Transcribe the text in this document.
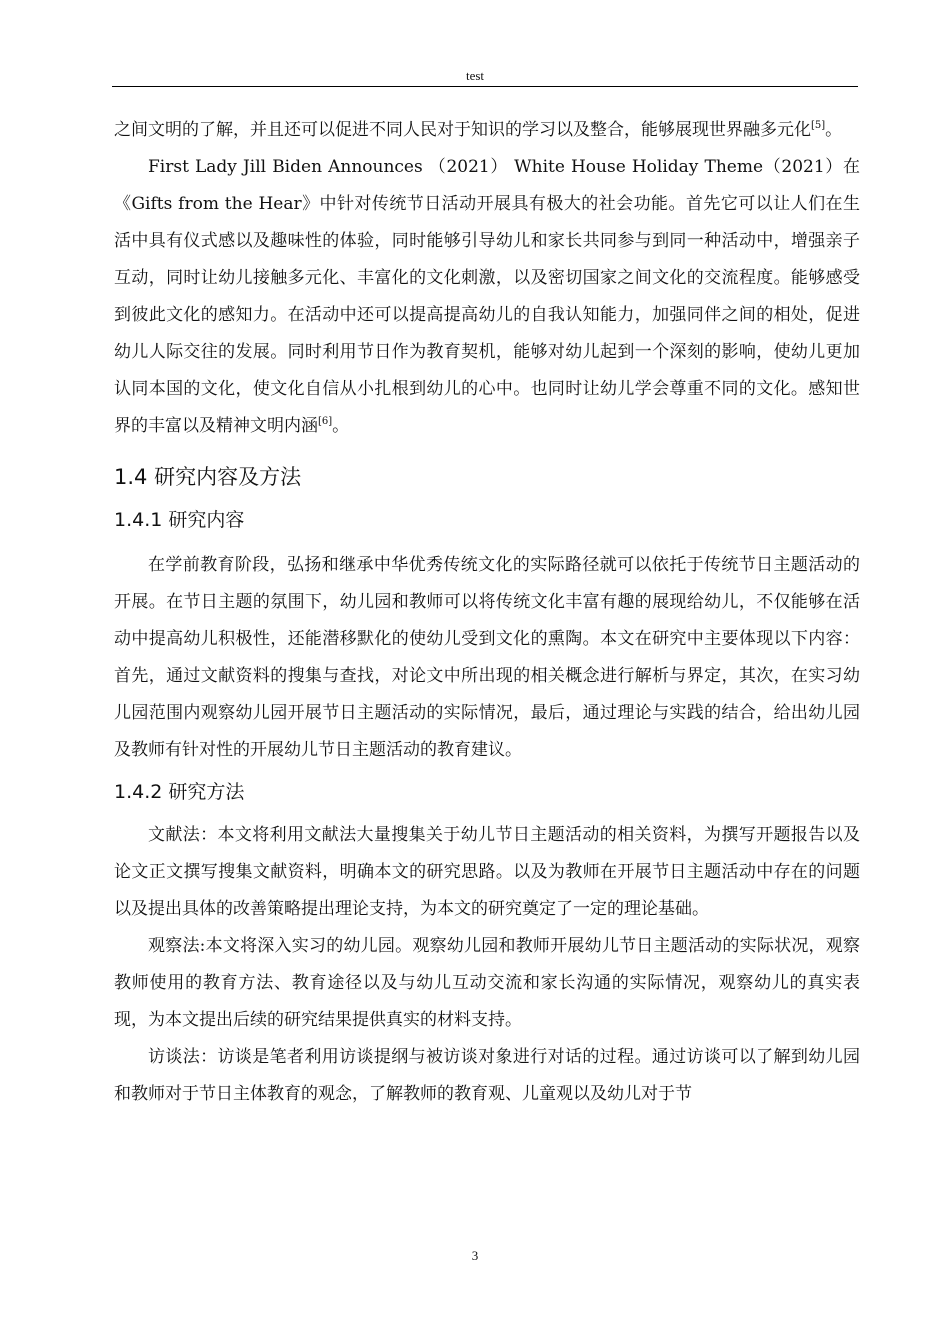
test

之间文明的了解，并且还可以促进不同人民对于知识的学习以及整合，能够展现世界融多元化[5]。

First Lady Jill Biden Announces （2021） White House Holiday Theme（2021）在《Gifts from the Hear》中针对传统节日活动开展具有极大的社会功能。首先它可以让人们在生活中具有仪式感以及趣味性的体验，同时能够引导幼儿和家长共同参与到同一种活动中，增强亲子互动，同时让幼儿接触多元化、丰富化的文化刺激，以及密切国家之间文化的交流程度。能够感受到彼此文化的感知力。在活动中还可以提高提高幼儿的自我认知能力，加强同伴之间的相处，促进幼儿人际交往的发展。同时利用节日作为教育契机，能够对幼儿起到一个深刻的影响，使幼儿更加认同本国的文化，使文化自信从小扎根到幼儿的心中。也同时让幼儿学会尊重不同的文化。感知世界的丰富以及精神文明内涵[6]。

1.4 研究内容及方法
1.4.1 研究内容

在学前教育阶段，弘扬和继承中华优秀传统文化的实际路径就可以依托于传统节日主题活动的开展。在节日主题的氛围下，幼儿园和教师可以将传统文化丰富有趣的展现给幼儿，不仅能够在活动中提高幼儿积极性，还能潜移默化的使幼儿受到文化的熏陶。本文在研究中主要体现以下内容：首先，通过文献资料的搜集与查找，对论文中所出现的相关概念进行解析与界定，其次，在实习幼儿园范围内观察幼儿园开展节日主题活动的实际情况，最后，通过理论与实践的结合，给出幼儿园及教师有针对性的开展幼儿节日主题活动的教育建议。

1.4.2 研究方法

文献法：本文将利用文献法大量搜集关于幼儿节日主题活动的相关资料，为撰写开题报告以及论文正文撰写搜集文献资料，明确本文的研究思路。以及为教师在开展节日主题活动中存在的问题以及提出具体的改善策略提出理论支持，为本文的研究奠定了一定的理论基础。

观察法:本文将深入实习的幼儿园。观察幼儿园和教师开展幼儿节日主题活动的实际状况，观察教师使用的教育方法、教育途径以及与幼儿互动交流和家长沟通的实际情况，观察幼儿的真实表现，为本文提出后续的研究结果提供真实的材料支持。

访谈法：访谈是笔者利用访谈提纲与被访谈对象进行对话的过程。通过访谈可以了解到幼儿园和教师对于节日主体教育的观念，了解教师的教育观、儿童观以及幼儿对于节

3
